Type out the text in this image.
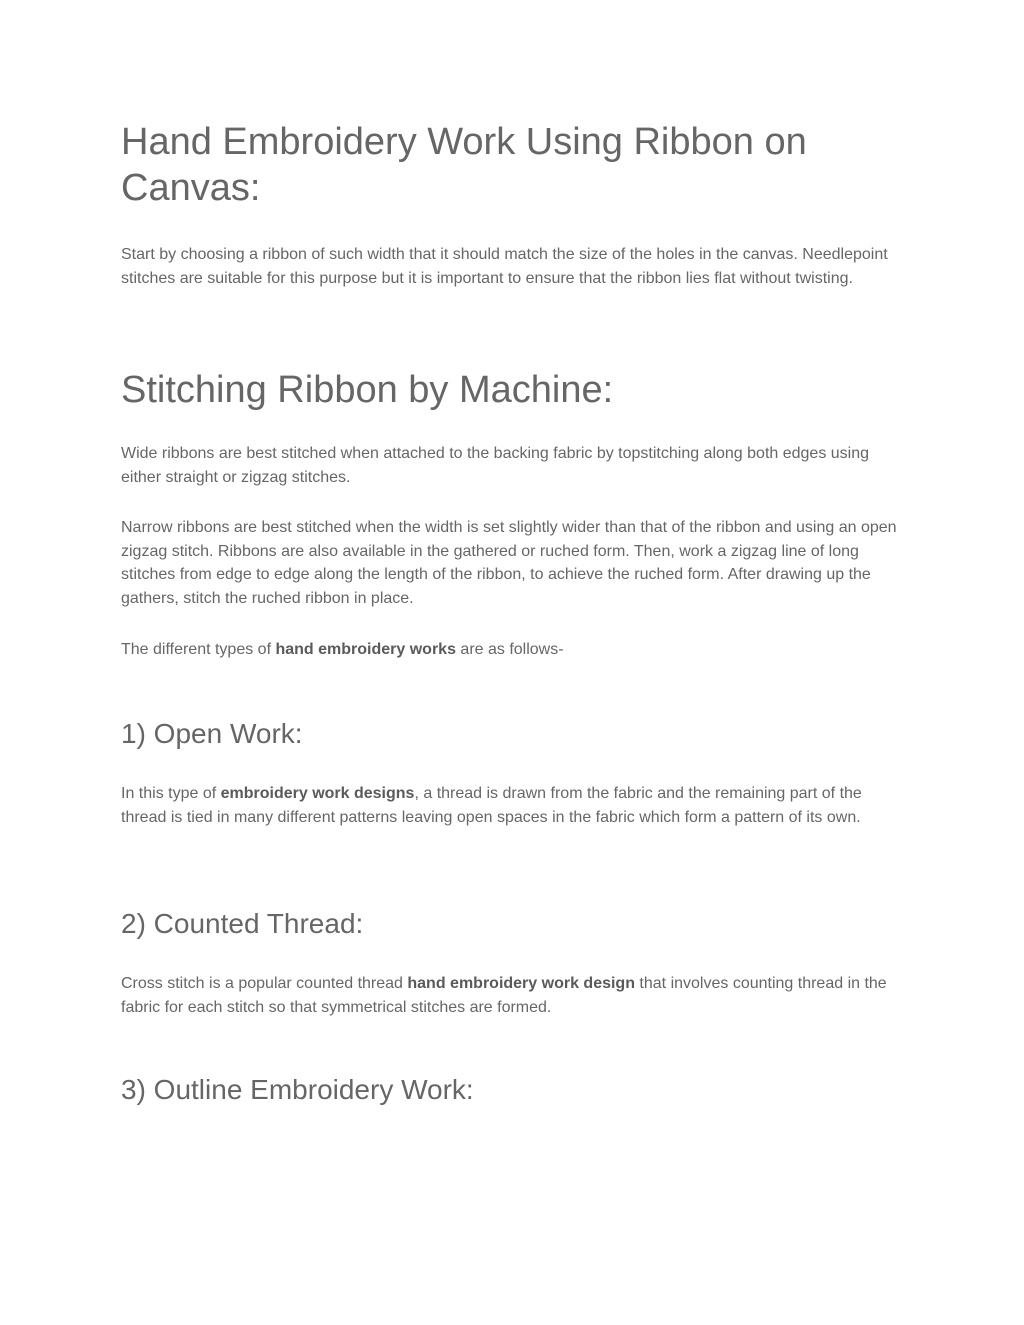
Hand Embroidery Work Using Ribbon on Canvas:

Start by choosing a ribbon of such width that it should match the size of the holes in the canvas. Needlepoint stitches are suitable for this purpose but it is important to ensure that the ribbon lies flat without twisting.

Stitching Ribbon by Machine:

Wide ribbons are best stitched when attached to the backing fabric by topstitching along both edges using either straight or zigzag stitches.

Narrow ribbons are best stitched when the width is set slightly wider than that of the ribbon and using an open zigzag stitch. Ribbons are also available in the gathered or ruched form. Then, work a zigzag line of long stitches from edge to edge along the length of the ribbon, to achieve the ruched form. After drawing up the gathers, stitch the ruched ribbon in place.

The different types of hand embroidery works are as follows-

1) Open Work:

In this type of embroidery work designs, a thread is drawn from the fabric and the remaining part of the thread is tied in many different patterns leaving open spaces in the fabric which form a pattern of its own.

2) Counted Thread:

Cross stitch is a popular counted thread hand embroidery work design that involves counting thread in the fabric for each stitch so that symmetrical stitches are formed.

3) Outline Embroidery Work:
